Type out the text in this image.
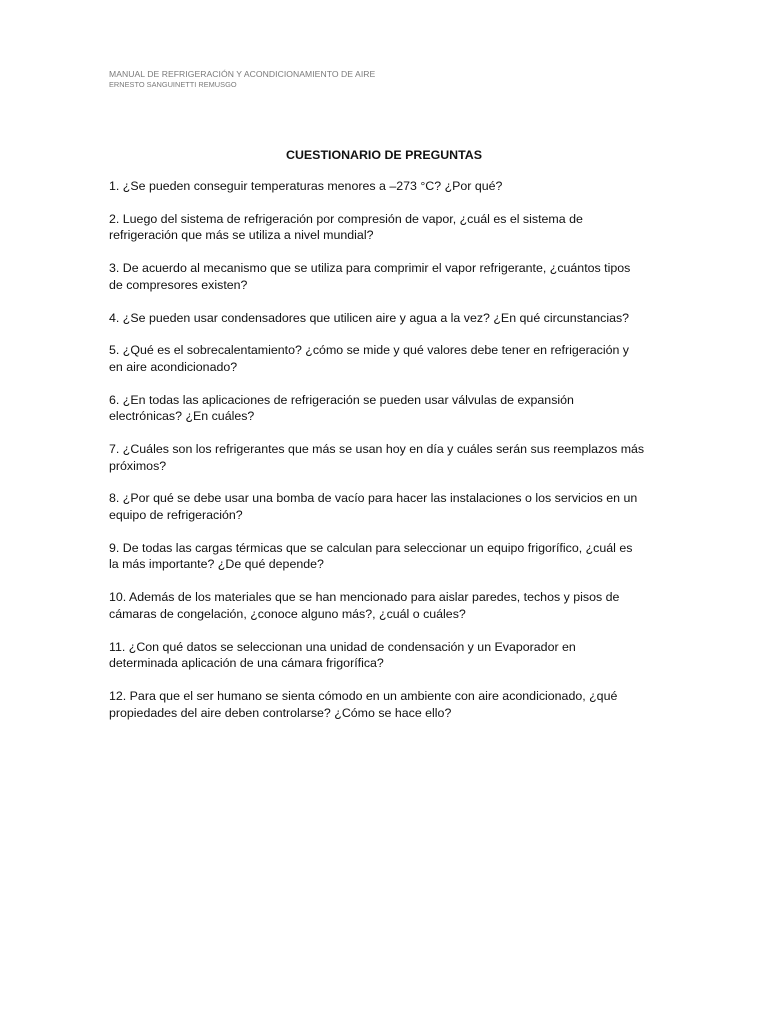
MANUAL DE REFRIGERACIÓN Y ACONDICIONAMIENTO DE AIRE
ERNESTO SANGUINETTI REMUSGO
CUESTIONARIO DE PREGUNTAS

1. ¿Se pueden conseguir temperaturas menores a –273 °C? ¿Por qué?

2. Luego del sistema de refrigeración por compresión de vapor, ¿cuál es el sistema de
refrigeración que más se utiliza a nivel mundial?

3. De acuerdo al mecanismo que se utiliza para comprimir el vapor refrigerante, ¿cuántos tipos
de compresores existen?

4. ¿Se pueden usar condensadores que utilicen aire y agua a la vez? ¿En qué circunstancias?

5. ¿Qué es el sobrecalentamiento? ¿cómo se mide y qué valores debe tener en refrigeración y
en aire acondicionado?

6. ¿En todas las aplicaciones de refrigeración se pueden usar válvulas de expansión
electrónicas? ¿En cuáles?

7. ¿Cuáles son los refrigerantes que más se usan hoy en día y cuáles serán sus reemplazos más
próximos?

8. ¿Por qué se debe usar una bomba de vacío para hacer las instalaciones o los servicios en un
equipo de refrigeración?

9. De todas las cargas térmicas que se calculan para seleccionar un equipo frigorífico, ¿cuál es
la más importante? ¿De qué depende?

10. Además de los materiales que se han mencionado para aislar paredes, techos y pisos de
cámaras de congelación, ¿conoce alguno más?, ¿cuál o cuáles?

11. ¿Con qué datos se seleccionan una unidad de condensación y un Evaporador en
determinada aplicación de una cámara frigorífica?

12. Para que el ser humano se sienta cómodo en un ambiente con aire acondicionado, ¿qué
propiedades del aire deben controlarse? ¿Cómo se hace ello?
